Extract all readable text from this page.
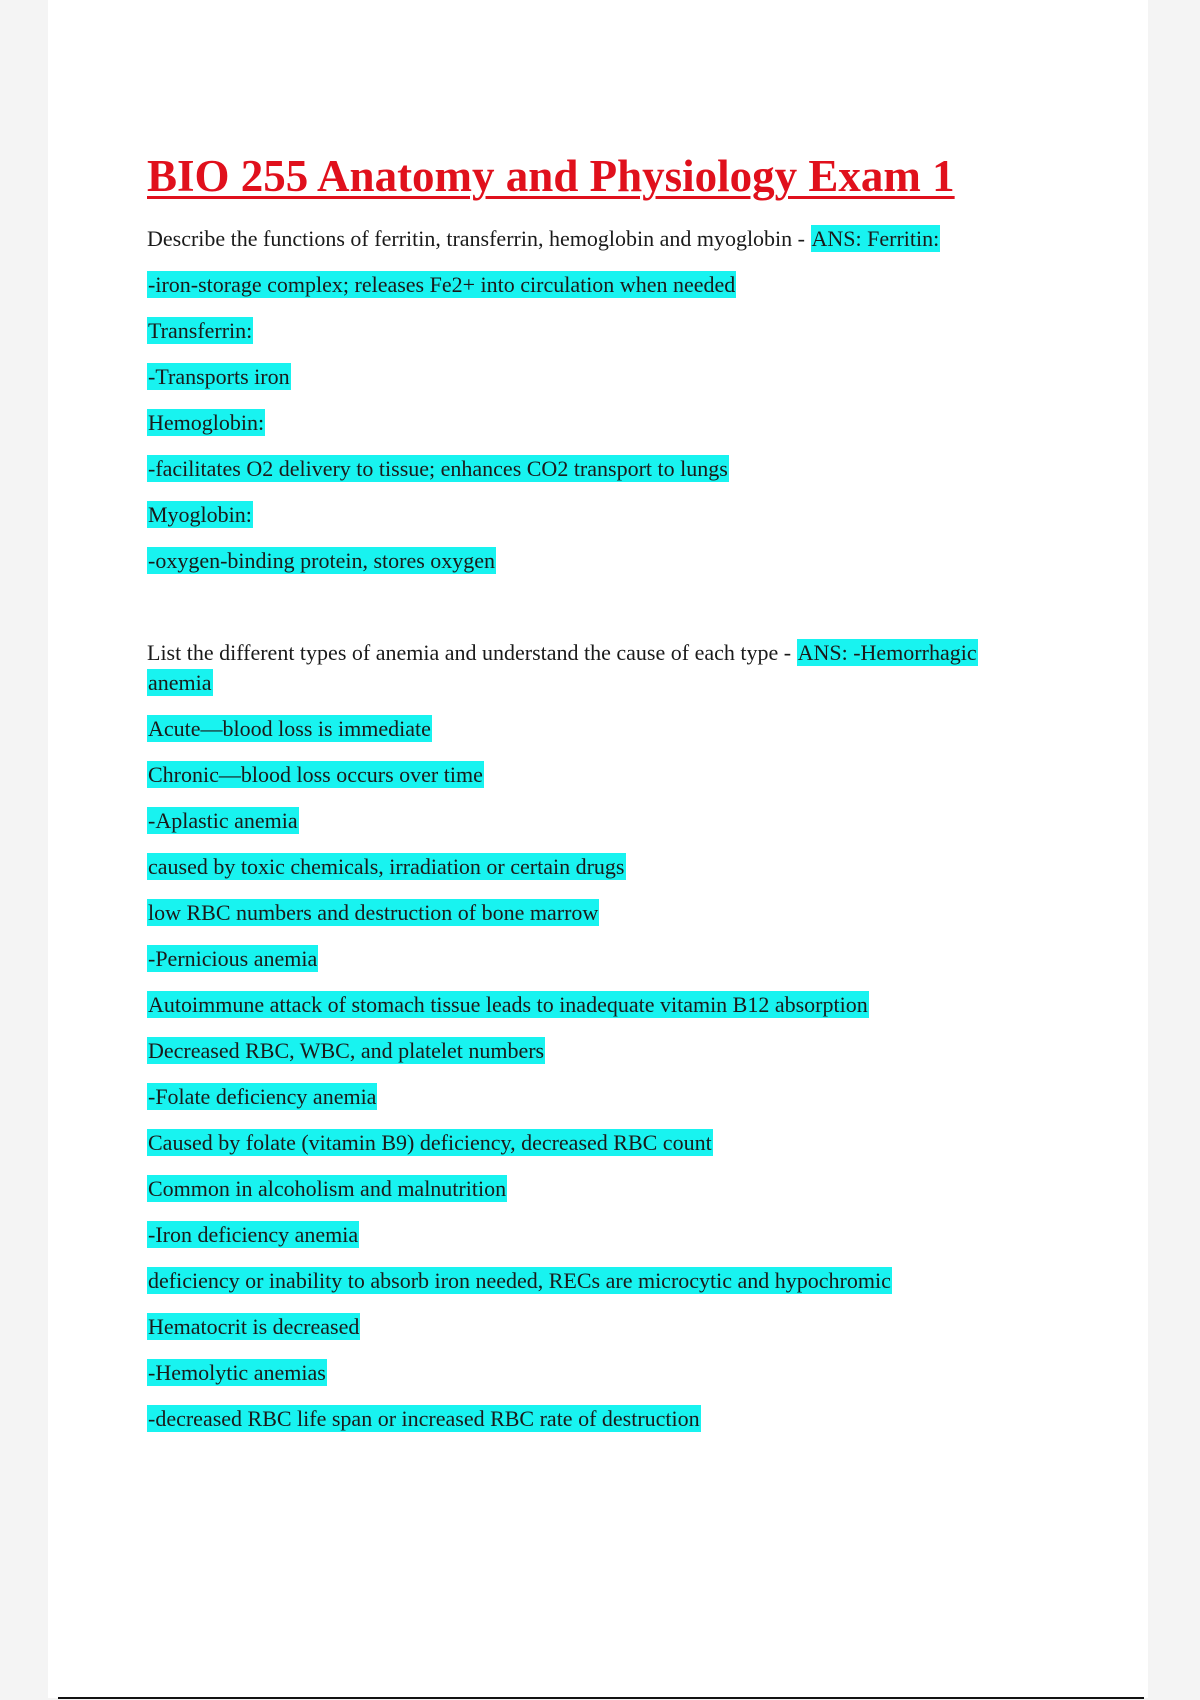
BIO 255 Anatomy and Physiology Exam 1
Describe the functions of ferritin, transferrin, hemoglobin and myoglobin - ANS: Ferritin:
-iron-storage complex; releases Fe2+ into circulation when needed
Transferrin:
-Transports iron
Hemoglobin:
-facilitates O2 delivery to tissue; enhances CO2 transport to lungs
Myoglobin:
-oxygen-binding protein, stores oxygen
List the different types of anemia and understand the cause of each type - ANS: -Hemorrhagic
anemia
Acute—blood loss is immediate
Chronic—blood loss occurs over time
-Aplastic anemia
caused by toxic chemicals, irradiation or certain drugs
low RBC numbers and destruction of bone marrow
-Pernicious anemia
Autoimmune attack of stomach tissue leads to inadequate vitamin B12 absorption
Decreased RBC, WBC, and platelet numbers
-Folate deficiency anemia
Caused by folate (vitamin B9) deficiency, decreased RBC count
Common in alcoholism and malnutrition
-Iron deficiency anemia
deficiency or inability to absorb iron needed, RECs are microcytic and hypochromic
Hematocrit is decreased
-Hemolytic anemias
-decreased RBC life span or increased RBC rate of destruction
